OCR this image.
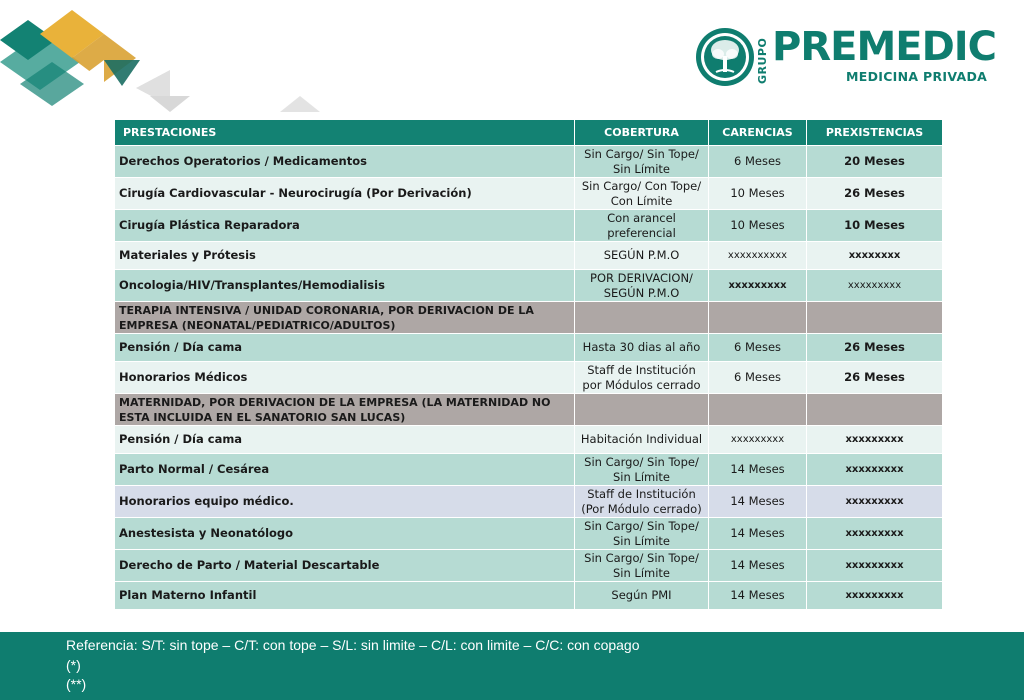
GRUPO PREMEDIC
MEDICINA PRIVADA
PRESTACIONES	COBERTURA	CARENCIAS	PREXISTENCIAS
Derechos Operatorios / Medicamentos	Sin Cargo/ Sin Tope/ Sin Límite	6 Meses	20 Meses
Cirugía Cardiovascular - Neurocirugía (Por Derivación)	Sin Cargo/ Con Tope/ Con Límite	10 Meses	26 Meses
Cirugía Plástica Reparadora	Con arancel preferencial	10 Meses	10 Meses
Materiales y Prótesis	SEGÚN P.M.O	xxxxxxxxxx	xxxxxxxx
Oncologia/HIV/Transplantes/Hemodialisis	POR DERIVACION/ SEGÚN P.M.O	xxxxxxxxx	xxxxxxxxx
TERAPIA INTENSIVA / UNIDAD CORONARIA, POR DERIVACION DE LA EMPRESA (NEONATAL/PEDIATRICO/ADULTOS)			
Pensión / Día cama	Hasta 30 dias al año	6 Meses	26 Meses
Honorarios Médicos	Staff de Institución por Módulos cerrado	6 Meses	26 Meses
MATERNIDAD, POR DERIVACION DE LA EMPRESA (LA MATERNIDAD NO ESTA INCLUIDA EN EL SANATORIO SAN LUCAS)			
Pensión / Día cama	Habitación Individual	xxxxxxxxx	xxxxxxxxx
Parto Normal / Cesárea	Sin Cargo/ Sin Tope/ Sin Límite	14 Meses	xxxxxxxxx
Honorarios equipo médico.	Staff de Institución (Por Módulo cerrado)	14 Meses	xxxxxxxxx
Anestesista y Neonatólogo	Sin Cargo/ Sin Tope/ Sin Límite	14 Meses	xxxxxxxxx
Derecho de Parto / Material Descartable	Sin Cargo/ Sin Tope/ Sin Límite	14 Meses	xxxxxxxxx
Plan Materno Infantil	Según PMI	14 Meses	xxxxxxxxx
Referencia: S/T: sin tope – C/T: con tope – S/L: sin limite – C/L: con limite – C/C: con copago
(*)
(**)
